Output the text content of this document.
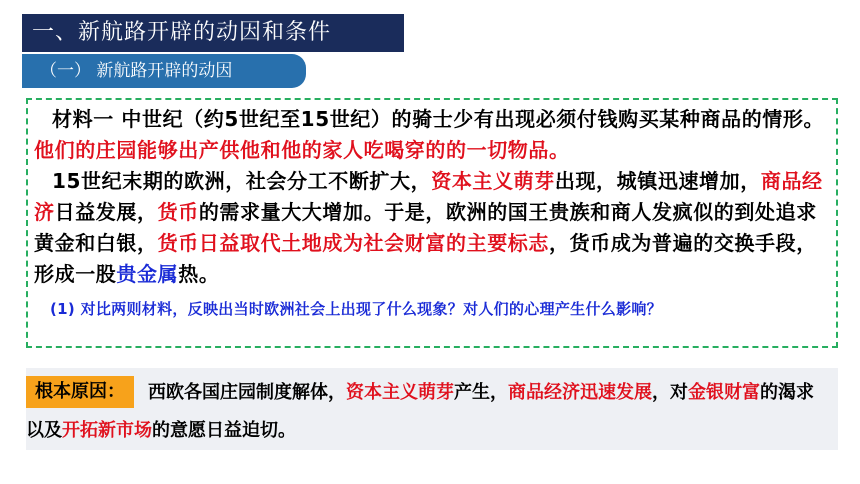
一、新航路开辟的动因和条件
（一） 新航路开辟的动因

材料一 中世纪（约5世纪至15世纪）的骑士少有出现必须付钱购买某种商品的情形。他们的庄园能够出产供他和他的家人吃喝穿的的一切物品。

15世纪末期的欧洲，社会分工不断扩大，资本主义萌芽出现，城镇迅速增加，商品经济日益发展，货币的需求量大大增加。于是，欧洲的国王贵族和商人发疯似的到处追求黄金和白银，货币日益取代土地成为社会财富的主要标志，货币成为普遍的交换手段，形成一股贵金属热。

(1) 对比两则材料，反映出当时欧洲社会上出现了什么现象？对人们的心理产生什么影响？
根本原因：	西欧各国庄园制度解体，资本主义萌芽产生，商品经济迅速发展，对金银财富的渴求以及开拓新市场的意愿日益迫切。
